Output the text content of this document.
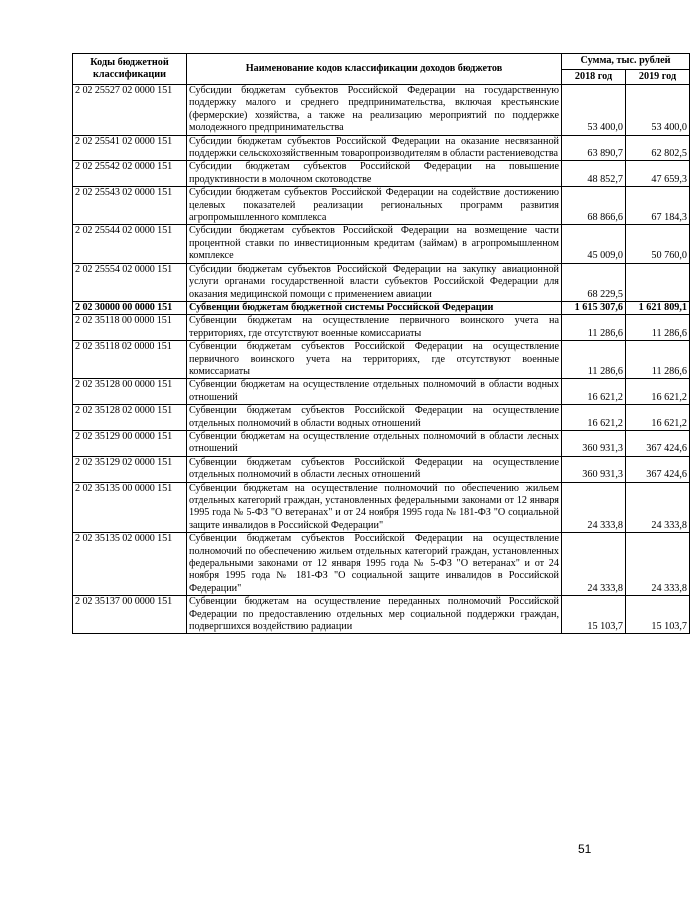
Коды бюджетной классификации	Наименование кодов классификации доходов бюджетов	Сумма, тыс. рублей	
		2018 год	2019 год
2 02 25527 02 0000 151	Субсидии бюджетам субъектов Российской Федерации на государственную поддержку малого и среднего предпринимательства, включая крестьянские (фермерские) хозяйства, а также на реализацию мероприятий по поддержке молодежного предпринимательства	53 400,0	53 400,0
2 02 25541 02 0000 151	Субсидии бюджетам субъектов Российской Федерации на оказание несвязанной поддержки сельскохозяйственным товаропроизводителям в области растениеводства	63 890,7	62 802,5
2 02 25542 02 0000 151	Субсидии бюджетам субъектов Российской Федерации на повышение продуктивности в молочном скотоводстве	48 852,7	47 659,3
2 02 25543 02 0000 151	Субсидии бюджетам субъектов Российской Федерации на содействие достижению целевых показателей реализации региональных программ развития агропромышленного комплекса	68 866,6	67 184,3
2 02 25544 02 0000 151	Субсидии бюджетам субъектов Российской Федерации на возмещение части процентной ставки по инвестиционным кредитам (займам) в агропромышленном комплексе	45 009,0	50 760,0
2 02 25554 02 0000 151	Субсидии бюджетам субъектов Российской Федерации на закупку авиационной услуги органами государственной власти субъектов Российской Федерации для оказания медицинской помощи с применением авиации	68 229,5	
2 02 30000 00 0000 151	Субвенции бюджетам бюджетной системы Российской Федерации	1 615 307,6	1 621 809,1
2 02 35118 00 0000 151	Субвенции бюджетам на осуществление первичного воинского учета на территориях, где отсутствуют военные комиссариаты	11 286,6	11 286,6
2 02 35118 02 0000 151	Субвенции бюджетам субъектов Российской Федерации на осуществление первичного воинского учета на территориях, где отсутствуют военные комиссариаты	11 286,6	11 286,6
2 02 35128 00 0000 151	Субвенции бюджетам на осуществление отдельных полномочий в области водных отношений	16 621,2	16 621,2
2 02 35128 02 0000 151	Субвенции бюджетам субъектов Российской Федерации на осуществление отдельных полномочий в области водных отношений	16 621,2	16 621,2
2 02 35129 00 0000 151	Субвенции бюджетам на осуществление отдельных полномочий в области лесных отношений	360 931,3	367 424,6
2 02 35129 02 0000 151	Субвенции бюджетам субъектов Российской Федерации на осуществление отдельных полномочий в области лесных отношений	360 931,3	367 424,6
2 02 35135 00 0000 151	Субвенции бюджетам на осуществление полномочий по обеспечению жильем отдельных категорий граждан, установленных федеральными законами от 12 января 1995 года № 5-ФЗ "О ветеранах" и от 24 ноября 1995 года № 181-ФЗ "О социальной защите инвалидов в Российской Федерации"	24 333,8	24 333,8
2 02 35135 02 0000 151	Субвенции бюджетам субъектов Российской Федерации на осуществление полномочий по обеспечению жильем отдельных категорий граждан, установленных федеральными законами от 12 января 1995 года № 5-ФЗ "О ветеранах" и от 24 ноября 1995 года № 181-ФЗ "О социальной защите инвалидов в Российской Федерации"	24 333,8	24 333,8
2 02 35137 00 0000 151	Субвенции бюджетам на осуществление переданных полномочий Российской Федерации по предоставлению отдельных мер социальной поддержки граждан, подвергшихся воздействию радиации	15 103,7	15 103,7
51
